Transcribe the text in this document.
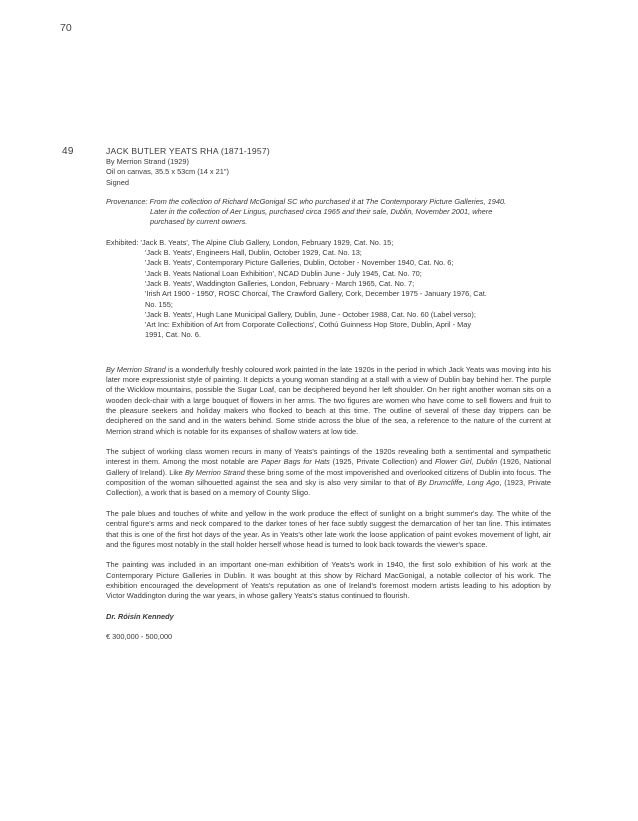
70
49	JACK BUTLER YEATS RHA (1871-1957)
By Merrion Strand (1929)
Oil on canvas, 35.5 x 53cm (14 x 21")
Signed
Provenance: From the collection of Richard McGonigal SC who purchased it at The Contemporary Picture Galleries, 1940.
Later in the collection of Aer Lingus, purchased circa 1965 and their sale, Dublin, November 2001, where
purchased by current owners.
Exhibited: 'Jack B. Yeats', The Alpine Club Gallery, London, February 1929, Cat. No. 15;
'Jack B. Yeats', Engineers Hall, Dublin, October 1929, Cat. No. 13;
'Jack B. Yeats', Contemporary Picture Galleries, Dublin, October - November 1940, Cat. No. 6;
'Jack B. Yeats National Loan Exhibition', NCAD Dublin June - July 1945, Cat. No. 70;
'Jack B. Yeats', Waddington Galleries, London, February - March 1965, Cat. No. 7;
'Irish Art 1900 - 1950', ROSC Chorcaí, The Crawford Gallery, Cork, December 1975 - January 1976, Cat.
No. 155;
'Jack B. Yeats', Hugh Lane Municipal Gallery, Dublin, June - October 1988, Cat. No. 60 (Label verso);
'Art Inc: Exhibition of Art from Corporate Collections', Cothú Guinness Hop Store, Dublin, April - May
1991, Cat. No. 6.

By Merrion Strand is a wonderfully freshly coloured work painted in the late 1920s in the period in which Jack Yeats was moving into his later more expressionist style of painting. It depicts a young woman standing at a stall with a view of Dublin bay behind her. The purple of the Wicklow mountains, possible the Sugar Loaf, can be deciphered beyond her left shoulder. On her right another woman sits on a wooden deck-chair with a large bouquet of flowers in her arms. The two figures are women who have come to sell flowers and fruit to the pleasure seekers and holiday makers who flocked to beach at this time. The outline of several of these day trippers can be deciphered on the sand and in the waters behind. Some stride across the blue of the sea, a reference to the nature of the current at Merrion strand which is notable for its expanses of shallow waters at low tide.

The subject of working class women recurs in many of Yeats's paintings of the 1920s revealing both a sentimental and sympathetic interest in them. Among the most notable are Paper Bags for Hats (1925, Private Collection) and Flower Girl, Dublin (1926, National Gallery of Ireland). Like By Merrion Strand these bring some of the most impoverished and overlooked citizens of Dublin into focus. The composition of the woman silhouetted against the sea and sky is also very similar to that of By Drumcliffe, Long Ago, (1923, Private Collection), a work that is based on a memory of County Sligo.

The pale blues and touches of white and yellow in the work produce the effect of sunlight on a bright summer's day. The white of the central figure's arms and neck compared to the darker tones of her face subtly suggest the demarcation of her tan line. This intimates that this is one of the first hot days of the year. As in Yeats's other late work the loose application of paint evokes movement of light, air and the figures most notably in the stall holder herself whose head is turned to look back towards the viewer's space.

The painting was included in an important one-man exhibition of Yeats's work in 1940, the first solo exhibition of his work at the Contemporary Picture Galleries in Dublin. It was bought at this show by Richard MacGonigal, a notable collector of his work. The exhibition encouraged the development of Yeats's reputation as one of Ireland's foremost modern artists leading to his adoption by Victor Waddington during the war years, in whose gallery Yeats's status continued to flourish.

Dr. Róisín Kennedy
€ 300,000 - 500,000
